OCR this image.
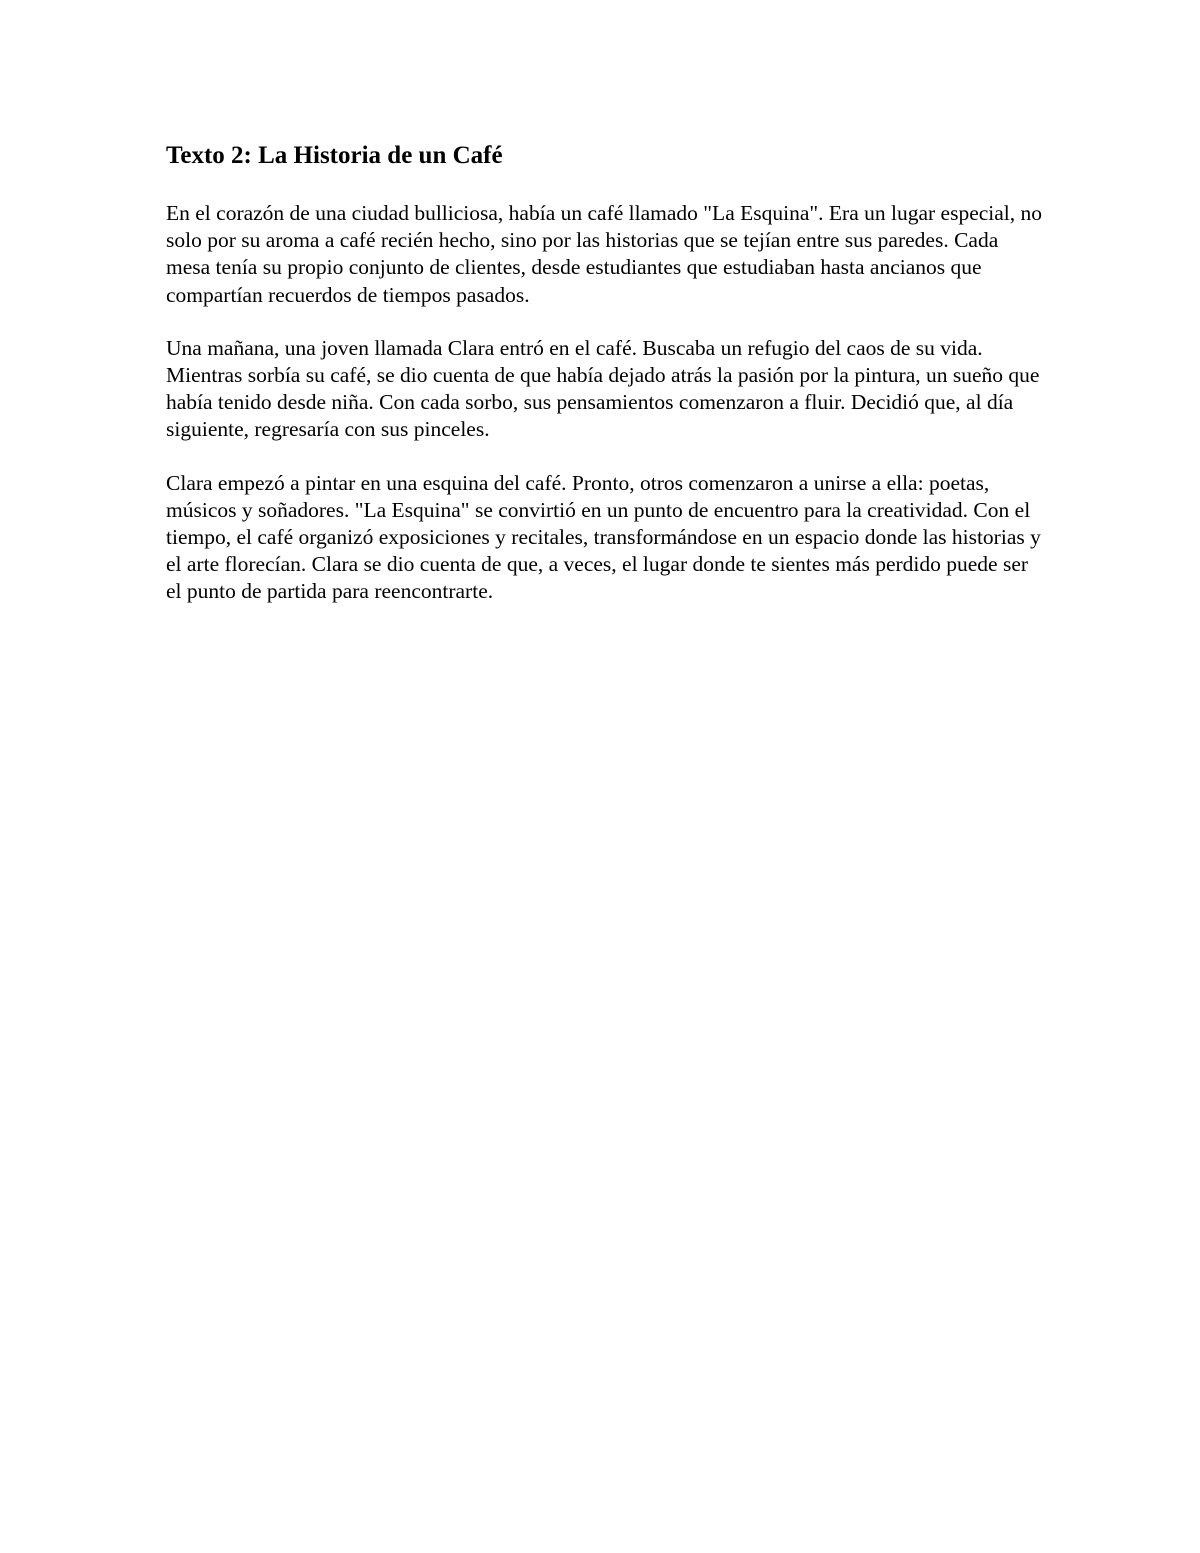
Texto 2: La Historia de un Café

En el corazón de una ciudad bulliciosa, había un café llamado "La Esquina". Era un lugar especial, no solo por su aroma a café recién hecho, sino por las historias que se tejían entre sus paredes. Cada mesa tenía su propio conjunto de clientes, desde estudiantes que estudiaban hasta ancianos que compartían recuerdos de tiempos pasados.

Una mañana, una joven llamada Clara entró en el café. Buscaba un refugio del caos de su vida. Mientras sorbía su café, se dio cuenta de que había dejado atrás la pasión por la pintura, un sueño que había tenido desde niña. Con cada sorbo, sus pensamientos comenzaron a fluir. Decidió que, al día siguiente, regresaría con sus pinceles.

Clara empezó a pintar en una esquina del café. Pronto, otros comenzaron a unirse a ella: poetas, músicos y soñadores. "La Esquina" se convirtió en un punto de encuentro para la creatividad. Con el tiempo, el café organizó exposiciones y recitales, transformándose en un espacio donde las historias y el arte florecían. Clara se dio cuenta de que, a veces, el lugar donde te sientes más perdido puede ser el punto de partida para reencontrarte.
